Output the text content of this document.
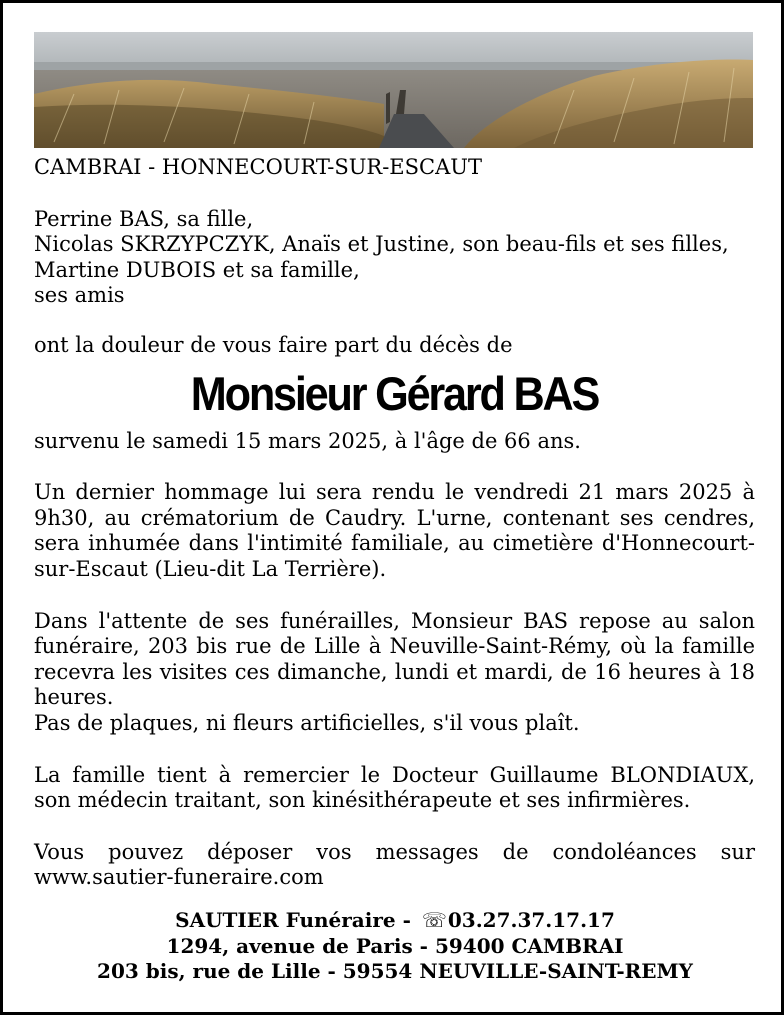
CAMBRAI - HONNECOURT-SUR-ESCAUT

Perrine BAS, sa fille,
Nicolas SKRZYPCZYK, Anaïs et Justine, son beau-fils et ses filles,
Martine DUBOIS et sa famille,
ses amis

ont la douleur de vous faire part du décès de

Monsieur Gérard BAS

survenu le samedi 15 mars 2025, à l'âge de 66 ans.

Un dernier hommage lui sera rendu le vendredi 21 mars 2025 à 9h30, au crématorium de Caudry. L'urne, contenant ses cendres, sera inhumée dans l'intimité familiale, au cimetière d'Honnecourt-sur-Escaut (Lieu-dit La Terrière).

Dans l'attente de ses funérailles, Monsieur BAS repose au salon funéraire, 203 bis rue de Lille à Neuville-Saint-Rémy, où la famille recevra les visites ces dimanche, lundi et mardi, de 16 heures à 18 heures.

Pas de plaques, ni fleurs artificielles, s'il vous plaît.

La famille tient à remercier le Docteur Guillaume BLONDIAUX, son médecin traitant, son kinésithérapeute et ses infirmières.

Vous pouvez déposer vos messages de condoléances sur

www.sautier-funeraire.com

SAUTIER Funéraire - ☏03.27.37.17.17
1294, avenue de Paris - 59400 CAMBRAI
203 bis, rue de Lille - 59554 NEUVILLE-SAINT-REMY
